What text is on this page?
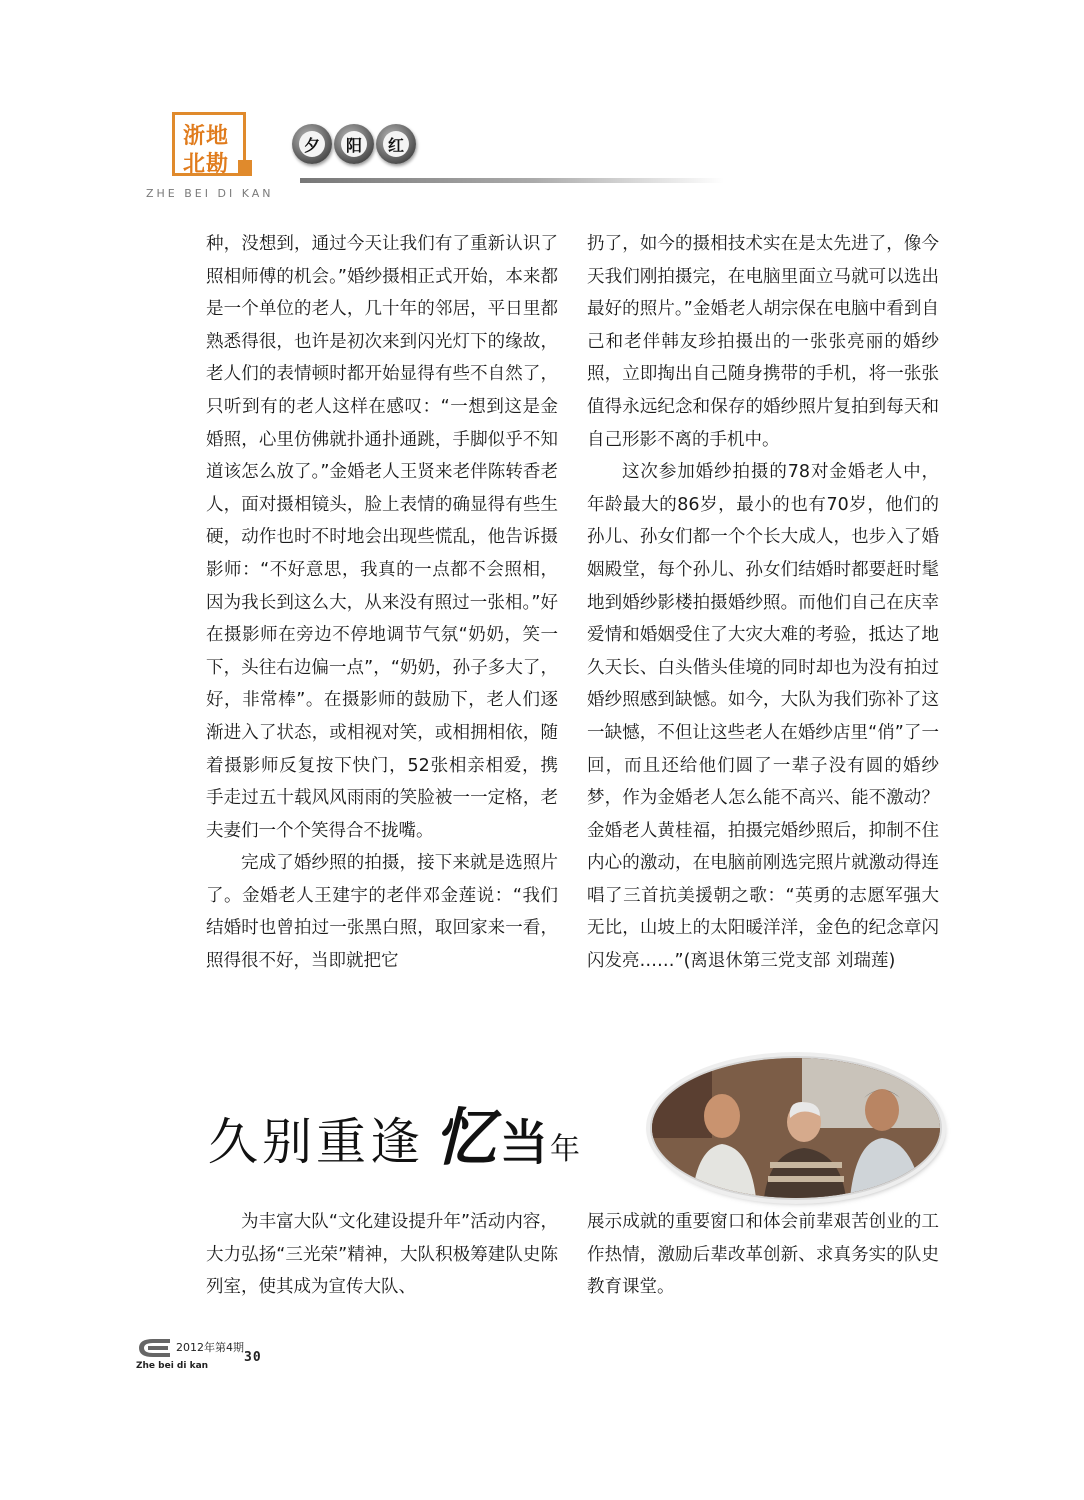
浙地
北勘
ZHE BEI DI KAN
夕	阳	红

种，没想到，通过今天让我们有了重新认识了照相师傅的机会。”婚纱摄相正式开始，本来都是一个单位的老人，几十年的邻居，平日里都熟悉得很，也许是初次来到闪光灯下的缘故，老人们的表情顿时都开始显得有些不自然了，只听到有的老人这样在感叹：“一想到这是金婚照，心里仿佛就扑通扑通跳，手脚似乎不知道该怎么放了。”金婚老人王贤来老伴陈转香老人，面对摄相镜头，脸上表情的确显得有些生硬，动作也时不时地会出现些慌乱，他告诉摄影师：“不好意思，我真的一点都不会照相，因为我长到这么大，从来没有照过一张相。”好在摄影师在旁边不停地调节气氛“奶奶，笑一下，头往右边偏一点”，“奶奶，孙子多大了，好，非常棒”。在摄影师的鼓励下，老人们逐渐进入了状态，或相视对笑，或相拥相依，随着摄影师反复按下快门，52张相亲相爱，携手走过五十载风风雨雨的笑脸被一一定格，老夫妻们一个个笑得合不拢嘴。

完成了婚纱照的拍摄，接下来就是选照片了。金婚老人王建宇的老伴邓金莲说：“我们结婚时也曾拍过一张黑白照，取回家来一看，照得很不好，当即就把它

扔了，如今的摄相技术实在是太先进了，像今天我们刚拍摄完，在电脑里面立马就可以选出最好的照片。”金婚老人胡宗保在电脑中看到自己和老伴韩友珍拍摄出的一张张亮丽的婚纱照，立即掏出自己随身携带的手机，将一张张值得永远纪念和保存的婚纱照片复拍到每天和自己形影不离的手机中。

这次参加婚纱拍摄的78对金婚老人中，年龄最大的86岁，最小的也有70岁，他们的孙儿、孙女们都一个个长大成人，也步入了婚姻殿堂，每个孙儿、孙女们结婚时都要赶时髦地到婚纱影楼拍摄婚纱照。而他们自己在庆幸爱情和婚姻受住了大灾大难的考验，抵达了地久天长、白头偕头佳境的同时却也为没有拍过婚纱照感到缺憾。如今，大队为我们弥补了这一缺憾，不但让这些老人在婚纱店里“俏”了一回，而且还给他们圆了一辈子没有圆的婚纱梦，作为金婚老人怎么能不高兴、能不激动？金婚老人黄桂福，拍摄完婚纱照后，抑制不住内心的激动，在电脑前刚选完照片就激动得连唱了三首抗美援朝之歌：“英勇的志愿军强大无比，山坡上的太阳暖洋洋，金色的纪念章闪闪发亮……”(离退休第三党支部 刘瑞莲)

久别重逢 忆当年

为丰富大队“文化建设提升年”活动内容，大力弘扬“三光荣”精神，大队积极筹建队史陈列室，使其成为宣传大队、

展示成就的重要窗口和体会前辈艰苦创业的工作热情，激励后辈改革创新、求真务实的队史教育课堂。

2012年第4期
30
Zhe bei di kan
